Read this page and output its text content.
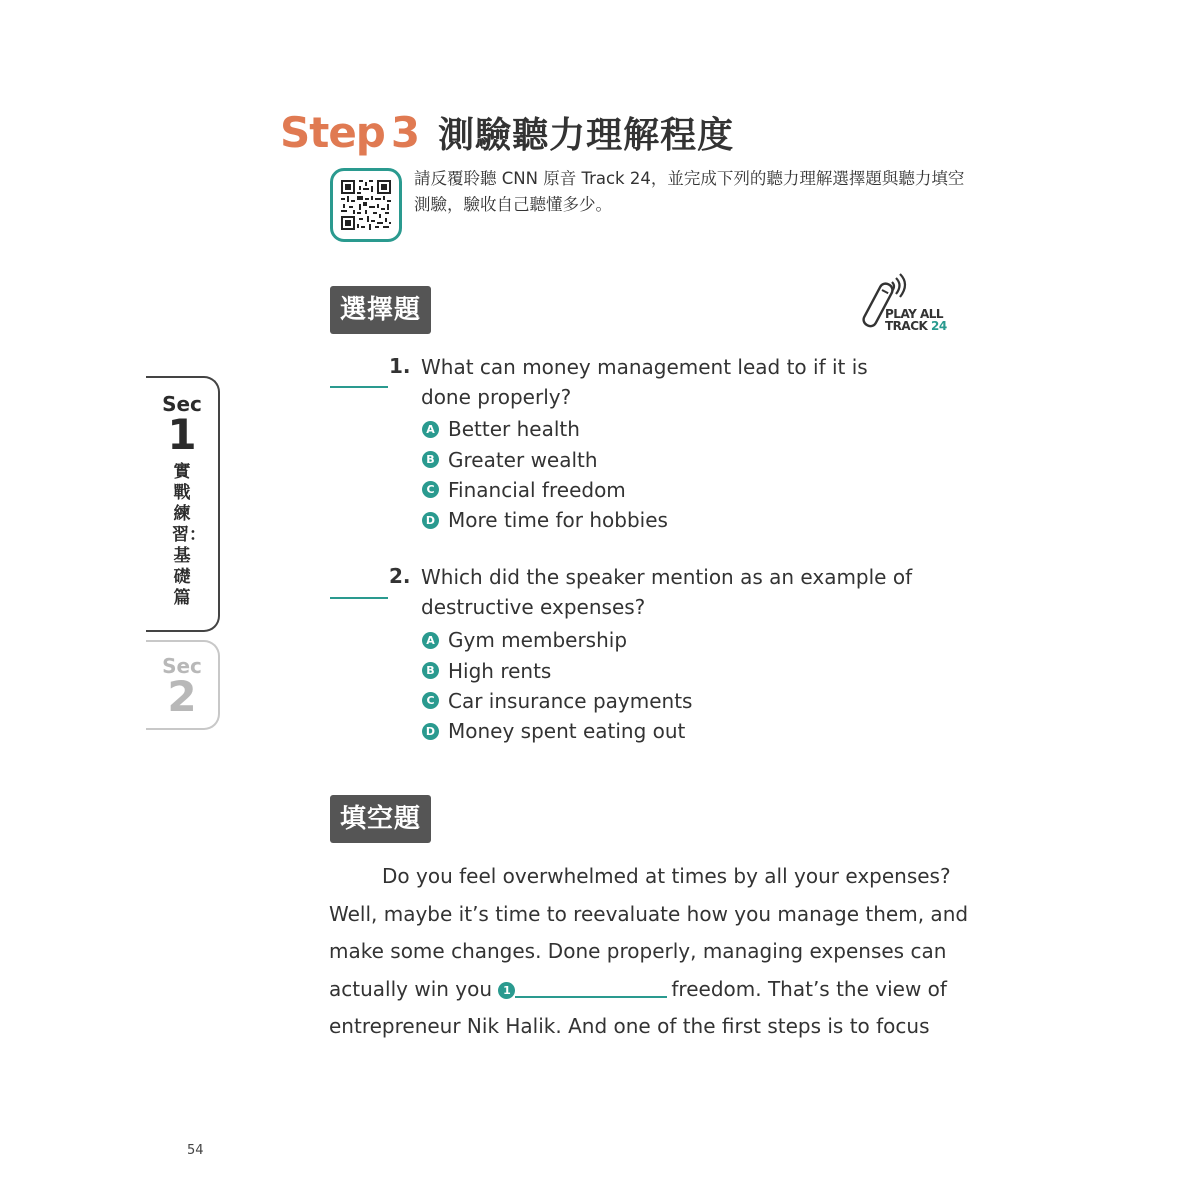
Step 3 測驗聽力理解程度
請反覆聆聽 CNN 原音 Track 24，並完成下列的聽力理解選擇題與聽力填空測驗，驗收自己聽懂多少。
選擇題	PLAY ALL
TRACK 24
Sec
1
實戰練習：基礎篇
Sec
2
1. What can money management lead to if it is done properly?
A Better health
B Greater wealth
C Financial freedom
D More time for hobbies
2. Which did the speaker mention as an example of destructive expenses?
A Gym membership
B High rents
C Car insurance payments
D Money spent eating out
填空題
Do you feel overwhelmed at times by all your expenses? Well, maybe it’s time to reevaluate how you manage them, and make some changes. Done properly, managing expenses can actually win you 1	freedom. That’s the view of entrepreneur Nik Halik. And one of the first steps is to focus
54
